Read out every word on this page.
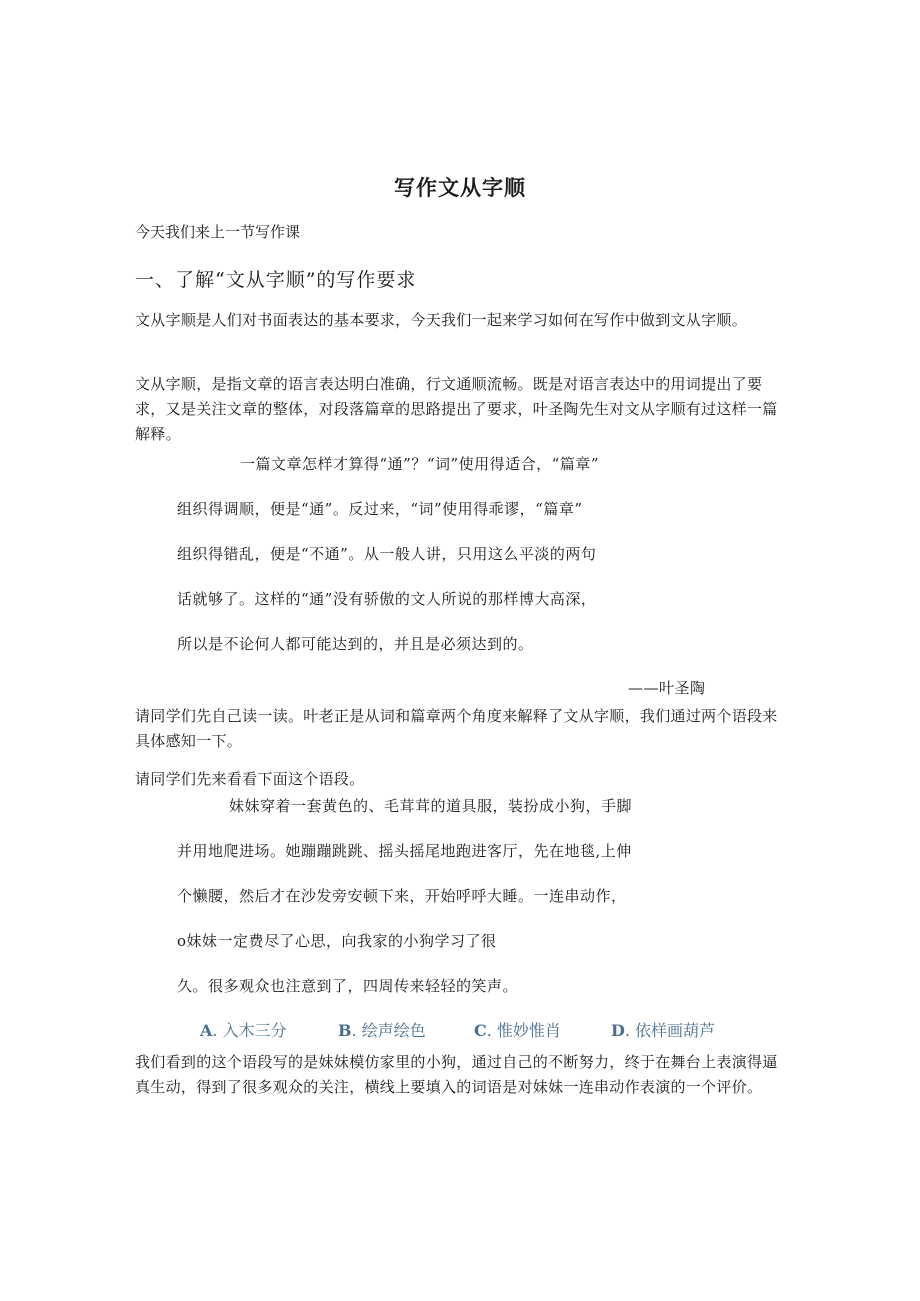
写作文从字顺
今天我们来上一节写作课
一、了解“文从字顺”的写作要求
文从字顺是人们对书面表达的基本要求，今天我们一起来学习如何在写作中做到文从字顺。
文从字顺，是指文章的语言表达明白准确，行文通顺流畅。既是对语言表达中的用词提出了要求，又是关注文章的整体，对段落篇章的思路提出了要求，叶圣陶先生对文从字顺有过这样一篇解释。
一篇文章怎样才算得“通”？“词”使用得适合，“篇章”
组织得调顺，便是“通”。反过来，“词”使用得乖谬，“篇章”
组织得错乱，便是“不通”。从一般人讲，只用这么平淡的两句
话就够了。这样的“通”没有骄傲的文人所说的那样博大高深，
所以是不论何人都可能达到的，并且是必须达到的。
——叶圣陶
请同学们先自己读一读。叶老正是从词和篇章两个角度来解释了文从字顺，我们通过两个语段来具体感知一下。
请同学们先来看看下面这个语段。
妹妹穿着一套黄色的、毛茸茸的道具服，装扮成小狗，手脚
并用地爬进场。她蹦蹦跳跳、摇头摇尾地跑进客厅，先在地毯,上伸
个懒腰，然后才在沙发旁安顿下来，开始呼呼大睡。一连串动作，
o妹妹一定费尽了心思，向我家的小狗学习了很
久。很多观众也注意到了，四周传来轻轻的笑声。
A. 入木三分	B. 绘声绘色	C. 惟妙惟肖	D. 依样画葫芦
我们看到的这个语段写的是妹妹模仿家里的小狗，通过自己的不断努力，终于在舞台上表演得逼真生动，得到了很多观众的关注，横线上要填入的词语是对妹妹一连串动作表演的一个评价。
